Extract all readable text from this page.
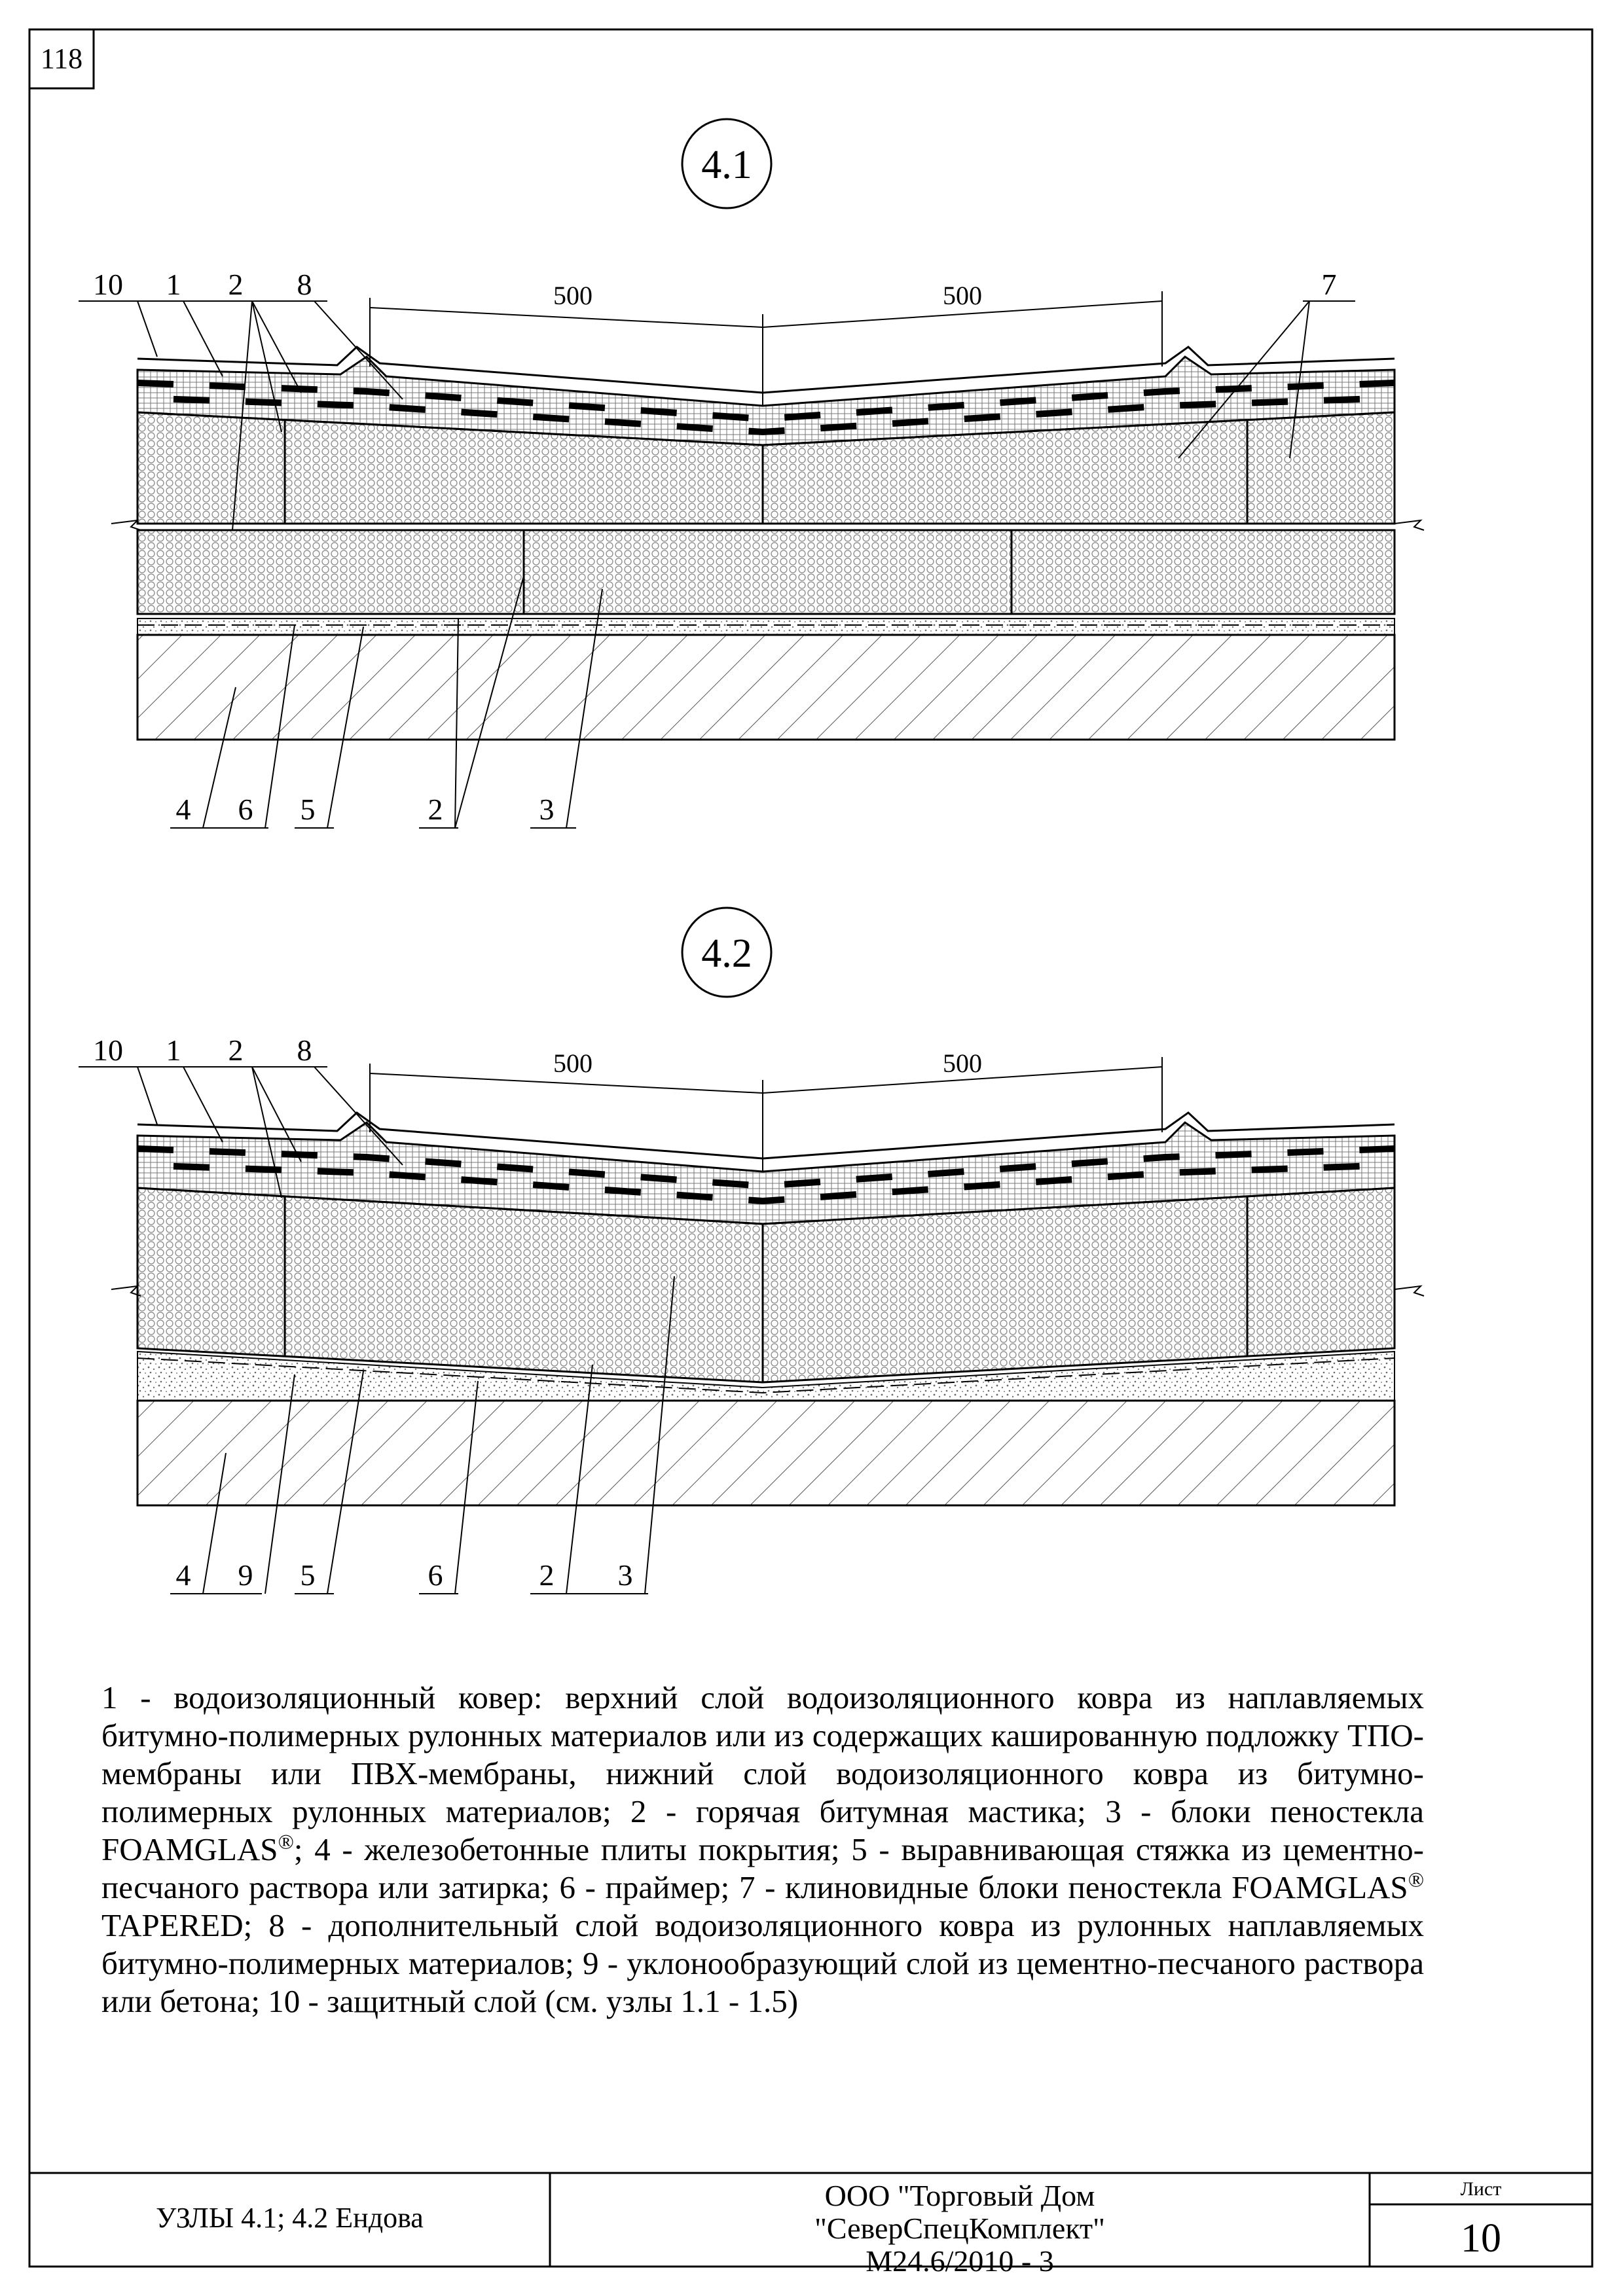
118
4.1
500	500
10 1 2 8	7
4 6 5	2	3
4.2
500	500
10 1 2 8
4 9 5	6	2 3

1 - водоизоляционный ковер: верхний слой водоизоляционного ковра из наплавляемых битумно-полимерных рулонных материалов или из содержащих кашированную подложку ТПО-мембраны или ПВХ-мембраны, нижний слой водоизоляционного ковра из битумно-полимерных рулонных материалов; 2 - горячая битумная мастика; 3 - блоки пеностекла FOAMGLAS®; 4 - железобетонные плиты покрытия; 5 - выравнивающая стяжка из цементно-песчаного раствора или затирка; 6 - праймер; 7 - клиновидные блоки пеностекла FOAMGLAS® TAPERED; 8 - дополнительный слой водоизоляционного ковра из рулонных наплавляемых битумно-полимерных материалов; 9 - уклонообразующий слой из цементно-песчаного раствора или бетона; 10 - защитный слой (см. узлы 1.1 - 1.5)

УЗЛЫ 4.1; 4.2 Ендова
ООО "Торговый Дом
"СеверСпецКомплект"
М24.6/2010 - 3
Лист
10
